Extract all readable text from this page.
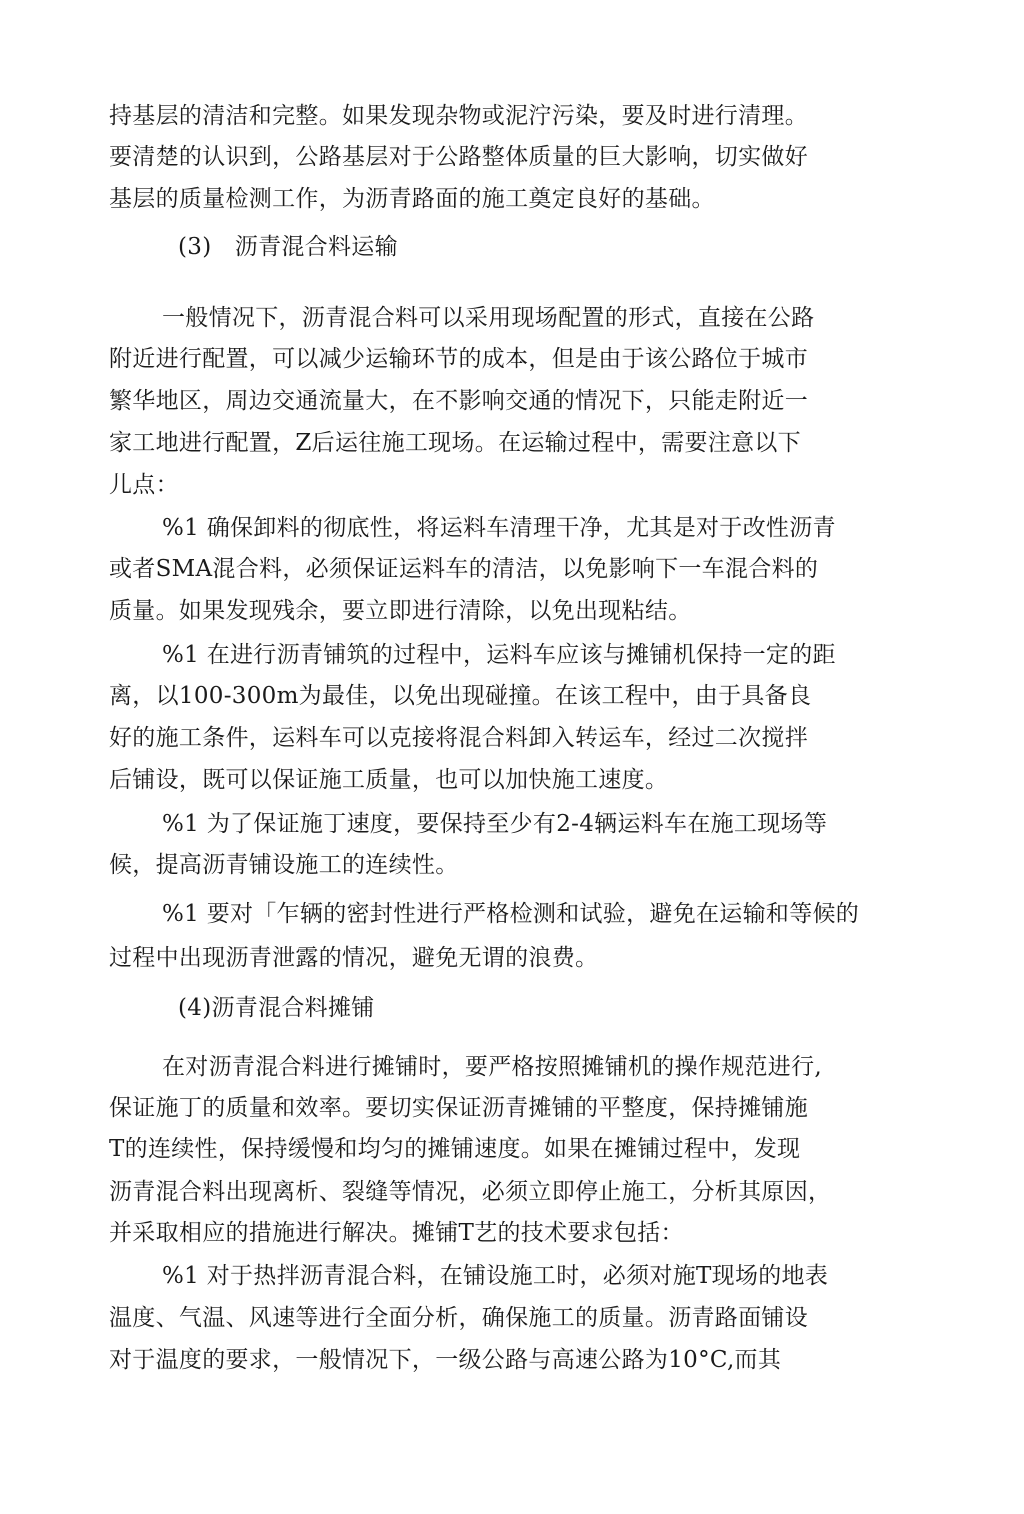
持基层的清洁和完整。如果发现杂物或泥泞污染，要及时进行清理。
要清楚的认识到，公路基层对于公路整体质量的巨大影响，切实做好
基层的质量检测工作，为沥青路面的施工奠定良好的基础。
(3)　沥青混合料运输
一般情况下，沥青混合料可以采用现场配置的形式，直接在公路
附近进行配置，可以减少运输环节的成本，但是由于该公路位于城市
繁华地区，周边交通流量大，在不影响交通的情况下，只能走附近一
家工地进行配置，Z后运往施工现场。在运输过程中，需要注意以下
儿点：
%1 确保卸料的彻底性，将运料车清理干净，尤其是对于改性沥青
或者SMA混合料，必须保证运料车的清洁，以免影响下一车混合料的
质量。如果发现残余，要立即进行清除，以免出现粘结。
%1 在进行沥青铺筑的过程中，运料车应该与摊铺机保持一定的距
离，以100-300m为最佳，以免出现碰撞。在该工程中，由于具备良
好的施工条件，运料车可以克接将混合料卸入转运车，经过二次搅拌
后铺设，既可以保证施工质量，也可以加快施工速度。
%1 为了保证施丁速度，要保持至少有2-4辆运料车在施工现场等
候，提高沥青铺设施工的连续性。
%1 要对「乍辆的密封性进行严格检测和试验，避免在运输和等候的
过程中出现沥青泄露的情况，避免无谓的浪费。
(4)沥青混合料摊铺
在对沥青混合料进行摊铺时，要严格按照摊铺机的操作规范进行,
保证施丁的质量和效率。要切实保证沥青摊铺的平整度，保持摊铺施
T的连续性，保持缓慢和均匀的摊铺速度。如果在摊铺过程中，发现
沥青混合料出现离析、裂缝等情况，必须立即停止施工，分析其原因，
并采取相应的措施进行解决。摊铺T艺的技术要求包括：
%1 对于热拌沥青混合料，在铺设施工时，必须对施T现场的地表
温度、气温、风速等进行全面分析，确保施工的质量。沥青路面铺设
对于温度的要求，一般情况下，一级公路与高速公路为10°C,而其
